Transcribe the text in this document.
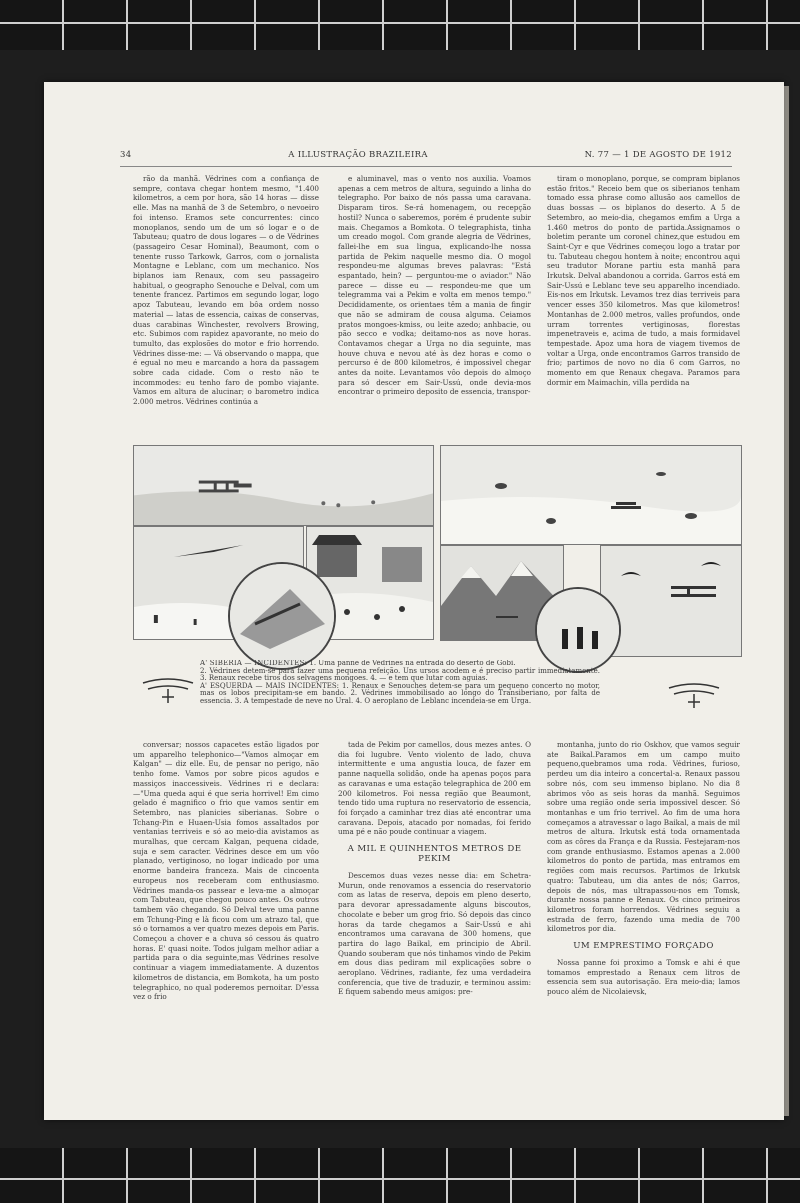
34	A ILLUSTRAÇÃO BRAZILEIRA	N. 77 — 1 DE AGOSTO DE 1912

rão da manhã. Védrines com a confiança de sempre, contava chegar hontem mesmo, "1.400 kilometros, a cem por hora, são 14 horas — disse elle. Mas na manhã de 3 de Setembro, o nevoeiro foi intenso. Eramos sete concurrentes: cinco monoplanos, sendo um de um só logar e o de Tabuteau; quatro de dous logares — o de Védrines (passageiro Cesar Hominal), Beaumont, com o tenente russo Tarkowk, Garros, com o jornalista Montagne e Leblanc, com um mechanico. Nos biplanos iam Renaux, com seu passageiro habitual, o geographo Senouche e Delval, com um tenente francez. Partimos em segundo logar, logo apoz Tabuteau, levando em bôa ordem nosso material — latas de essencia, caixas de conservas, duas carabinas Winchester, revolvers Browing, etc. Subimos com rapidez apavorante, no meio do tumulto, das explosões do motor e frio horrendo. Védrines disse-me: — Vá observando o mappa, que é egual no meu e marcando a hora da passagem sobre cada cidade. Com o resto não te incommodes: eu tenho faro de pombo viajante. Vamos em altura de alucinar; o barometro indica 2.000 metros. Védrines continúa a

e aluminavel, mas o vento nos auxilia. Voamos apenas a cem metros de altura, seguindo a linha do telegrapho. Por baixo de nós passa uma caravana. Disparam tiros. Se-rá homenagem, ou recepção hostil? Nunca o saberemos, porém é prudente subir mais. Chegamos a Bomkota. O telegraphista, tinha um creado mogol. Com grande alegria de Védrines, fallei-lhe em sua lingua, explicando-lhe nossa partida de Pekim naquelle mesmo dia. O mogol respondeu-me algumas breves palavras: "Está espantado, hein? — perguntou-me o aviador." Não parece — disse eu — respondeu-me que um telegramma vai a Pekim e volta em menos tempo." Decididamente, os orientaes têm a mania de fingir que não se admiram de cousa alguma. Ceiamos pratos mongoes-kmiss, ou leite azedo; anhbacie, ou pão secco e vodka; deitamo-nos as nove horas. Contavamos chegar a Urga no dia seguinte, mas houve chuva e nevou até às dez horas e como o percurso é de 800 kilometros, é impossivel chegar antes da noite. Levantamos vôo depois do almoço para só descer em Sair-Ussú, onde devia-mos encontrar o primeiro deposito de essencia, transpor-

tiram o monoplano, porque, se compram biplanos estão fritos." Receio bem que os siberianos tenham tomado essa phrase como allusão aos camellos de duas bossas — os biplanos do deserto. A 5 de Setembro, ao meio-dia, chegamos emfim a Urga a 1.460 metros do ponto de partida.Assignamos o boletim perante um coronel chinez,que estudou em Saint-Cyr e que Védrines começou logo a tratar por tu. Tabuteau chegou hontem à noite; encontrou aqui seu tradutor Morane partiu esta manhã para Irkutsk. Delval abandonou a corrida. Garros está em Sair-Ussú e Leblanc teve seu apparelho incendiado. Eis-nos em Irkutsk. Levamos trez dias terriveis para vencer esses 350 kilometros. Mas que kilometros! Montanhas de 2.000 metros, valles profundos, onde urram torrentes vertiginosas, florestas impenetraveis e, acima de tudo, a mais formidavel tempestade. Apoz uma hora de viagem tivemos de voltar a Urga, onde encontramos Garros transido de frio; partimos de novo no dia 6 com Garros, no momento em que Renaux chegava. Paramos para dormir em Maimachin, villa perdida na

A' SIBERIA — INCIDENTES: 1. Uma panne de Védrines na entrada do deserto de Gobi.

2. Védrines detem-se para fazer uma pequena refeição. Uns ursos acodem e é preciso partir immediatamente. 3. Renaux recebe tiros dos selvagens mongoes. 4. — e tem que lutar com aguias.

A' ESQUERDA — MAIS INCIDENTES: 1. Renaux e Senouches detem-se para um pequeno concerto no motor, mas os lobos precipitam-se em bando. 2. Védrines immobilisado ao longo do Transiberiano, por falta de essencia. 3. A tempestade de neve no Ural. 4. O aeroplano de Leblanc incendeia-se em Urga.

conversar; nossos capacetes estão ligados por um apparelho telephonico—"Vamos almoçar em Kalgan" — diz elle. Eu, de pensar no perigo, não tenho fome. Vamos por sobre picos agudos e massiços inaccessiveis. Védrines ri e declara:—"Uma queda aqui é que seria horrivel! Em cimo gelado é magnifico o frio que vamos sentir em Setembro, nas planicies siberianas. Sobre o Tchang-Pin e Huaen-Usia fomos assaltados por ventanias terriveis e só ao meio-dia avistamos as muralhas, que cercam Kalgan, pequena cidade, suja e sem caracter. Védrines desce em um vôo planado, vertiginoso, no logar indicado por uma enorme bandeira franceza. Mais de cincoenta europeus nos receberam com enthusiasmo. Védrines manda-os passear e leva-me a almoçar com Tabuteau, que chegou pouco antes. Os outros tambem vão chegando. Só Delval teve uma panne em Tchung-Ping e là ficou com um atrazo tal, que só o tornamos a ver quatro mezes depois em Paris. Começou a chover e a chuva só cessou ás quatro horas. E' quasi noite. Todos julgam melhor adiar a partida para o dia seguinte,mas Védrines resolve continuar a viagem immediatamente. A duzentos kilometros de distancia, em Bomkota, ha um posto telegraphico, no qual poderemos pernoitar. D'essa vez o frio

tada de Pekim por camellos, dous mezes antes. O dia foi lugubre. Vento violento de lado, chuva intermittente e uma angustia louca, de fazer em panne naquella solidão, onde ha apenas poços para as caravanas e uma estação telegraphica de 200 em 200 kilometros. Foi nessa região que Beaumont, tendo tido uma ruptura no reservatorio de essencia, foi forçado a caminhar trez dias até encontrar uma caravana. Depois, atacado por nomadas, foi ferido uma pé e não poude continuar a viagem.

A MIL E QUINHENTOS METROS DE PEKIM

Descemos duas vezes nesse dia: em Schetra-Murun, onde renovamos a essencia do reservatorio com as latas de reserva, depois em pleno deserto, para devorar apressadamente alguns biscoutos, chocolate e beber um grog frio. Só depois das cinco horas da tarde chegamos a Sair-Ussú e ahi encontramos uma caravana de 300 homens, que partira do lago Baikal, em principio de Abril. Quando souberam que nós tinhamos vindo de Pekim em dous dias pediram mil explicações sobre o aeroplano. Védrines, radiante, fez uma verdadeira conferencia, que tive de traduzir, e terminou assim: E fiquem sabendo meus amigos: pre-

montanha, junto do rio Oskhov, que vamos seguir ate Baikal.Paramos em um campo muito pequeno,quebramos uma roda. Védrines, furioso, perdeu um dia inteiro a concertal-a. Renaux passou sobre nós, com seu immenso biplano. No dia 8 abrimos vôo as seis horas da manhã. Seguimos sobre uma região onde seria impossivel descer. Só montanhas e um frio terrivel. Ao fim de uma hora começamos a atravessar o lago Baikal, a mais de mil metros de altura. Irkutsk está toda ornamentada com as côres da França e da Russia. Festejaram-nos com grande enthusiasmo. Estamos apenas a 2.000 kilometros do ponto de partida, mas entramos em regiões com mais recursos. Partimos de Irkutsk quatro: Tabuteau, um dia antes de nós; Garros, depois de nós, mas ultrapassou-nos em Tomsk, durante nossa panne e Renaux. Os cinco primeiros kilometros foram horrendos. Védrines seguiu a estrada de ferro, fazendo uma media de 700 kilometros por dia.

UM EMPRESTIMO FORÇADO

Nossa panne foi proximo a Tomsk e ahi é que tomamos emprestado a Renaux cem litros de essencia sem sua autorisação. Era meio-dia; lamos pouco além de Nicolaievsk,
